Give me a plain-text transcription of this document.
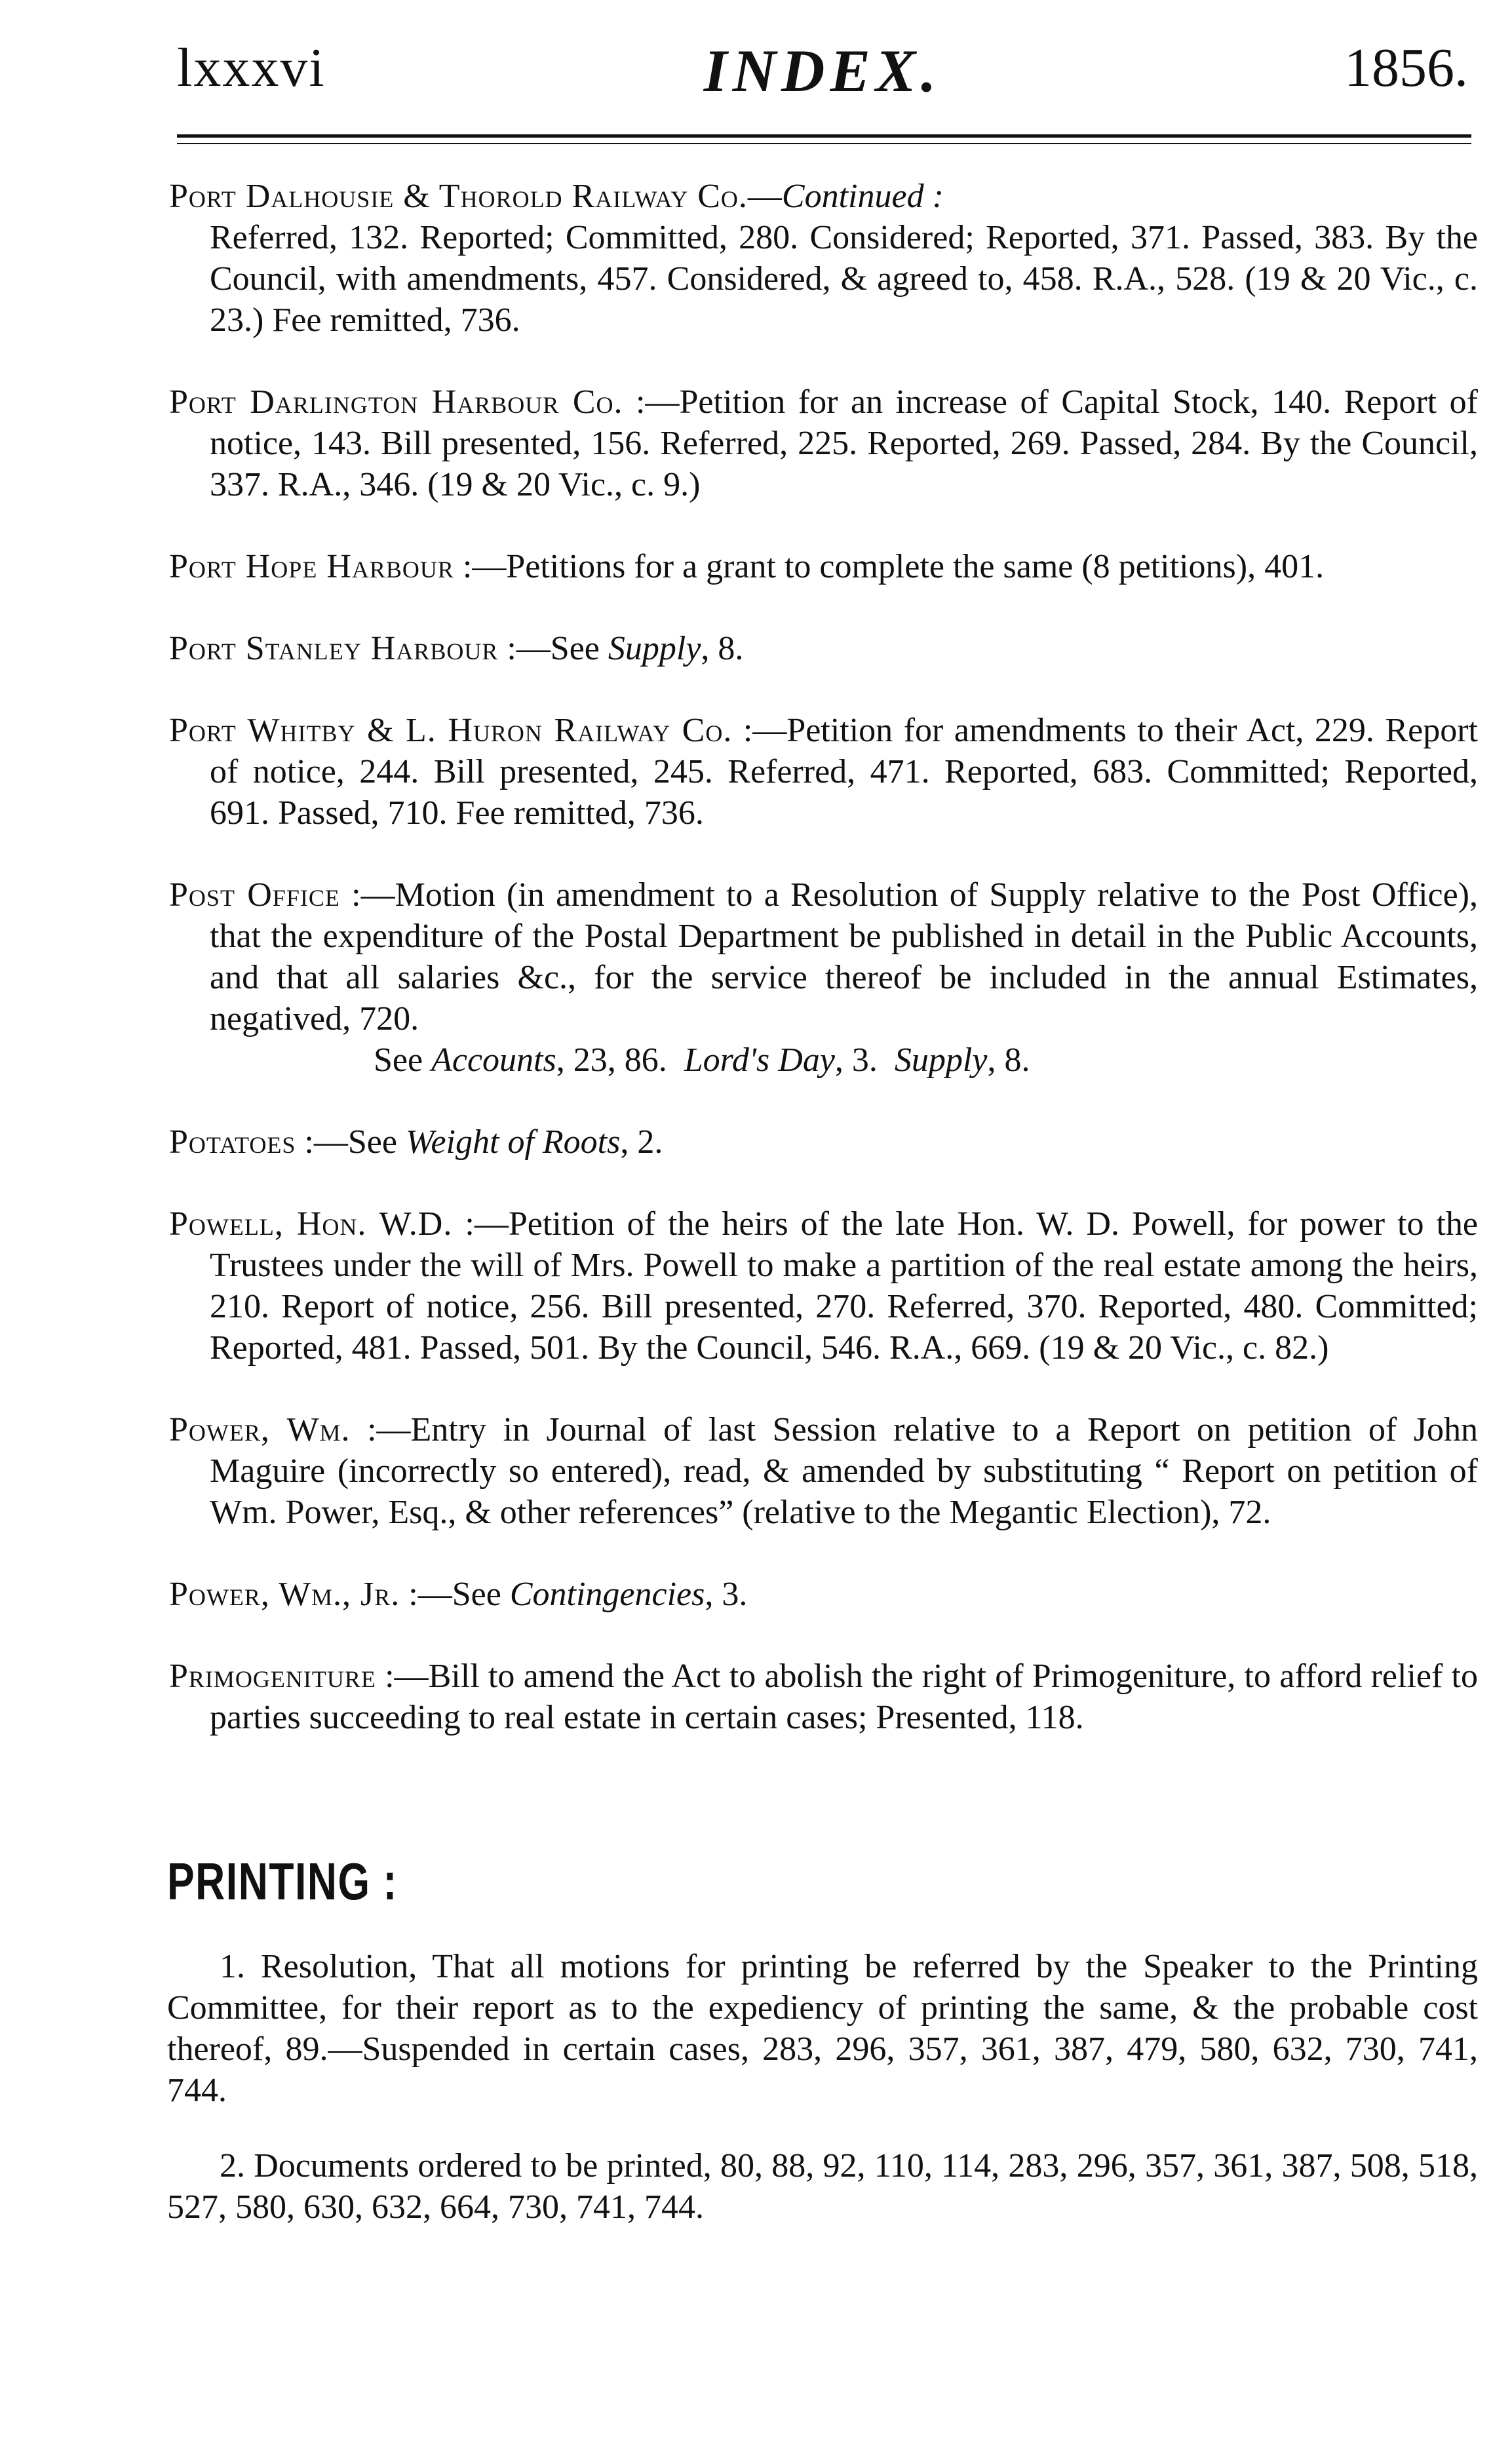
lxxxvi	INDEX.	1856.

Port Dalhousie & Thorold Railway Co.—Continued :
Referred, 132. Reported; Committed, 280. Considered; Reported, 371. Passed, 383. By the Council, with amendments, 457. Considered, & agreed to, 458. R.A., 528. (19 & 20 Vic., c. 23.) Fee remitted, 736.

Port Darlington Harbour Co. :—Petition for an increase of Capital Stock, 140. Report of notice, 143. Bill presented, 156. Referred, 225. Reported, 269. Passed, 284. By the Council, 337. R.A., 346. (19 & 20 Vic., c. 9.)

Port Hope Harbour :—Petitions for a grant to complete the same (8 petitions), 401.

Port Stanley Harbour :—See Supply, 8.

Port Whitby & L. Huron Railway Co. :—Petition for amendments to their Act, 229. Report of notice, 244. Bill presented, 245. Referred, 471. Reported, 683. Committed; Reported, 691. Passed, 710. Fee remitted, 736.

Post Office :—Motion (in amendment to a Resolution of Supply relative to the Post Office), that the expenditure of the Postal Department be published in detail in the Public Accounts, and that all salaries &c., for the service thereof be included in the annual Estimates, negatived, 720.
See Accounts, 23, 86. Lord's Day, 3. Supply, 8.

Potatoes :—See Weight of Roots, 2.

Powell, Hon. W.D. :—Petition of the heirs of the late Hon. W. D. Powell, for power to the Trustees under the will of Mrs. Powell to make a partition of the real estate among the heirs, 210. Report of notice, 256. Bill presented, 270. Referred, 370. Reported, 480. Committed; Reported, 481. Passed, 501. By the Council, 546. R.A., 669. (19 & 20 Vic., c. 82.)

Power, Wm. :—Entry in Journal of last Session relative to a Report on petition of John Maguire (incorrectly so entered), read, & amended by substituting “ Report on petition of Wm. Power, Esq., & other references” (relative to the Megantic Election), 72.

Power, Wm., Jr. :—See Contingencies, 3.

Primogeniture :—Bill to amend the Act to abolish the right of Primogeniture, to afford relief to parties succeeding to real estate in certain cases; Presented, 118.

PRINTING :

1. Resolution, That all motions for printing be referred by the Speaker to the Printing Committee, for their report as to the expediency of printing the same, & the probable cost thereof, 89.—Suspended in certain cases, 283, 296, 357, 361, 387, 479, 580, 632, 730, 741, 744.

2. Documents ordered to be printed, 80, 88, 92, 110, 114, 283, 296, 357, 361, 387, 508, 518, 527, 580, 630, 632, 664, 730, 741, 744.
